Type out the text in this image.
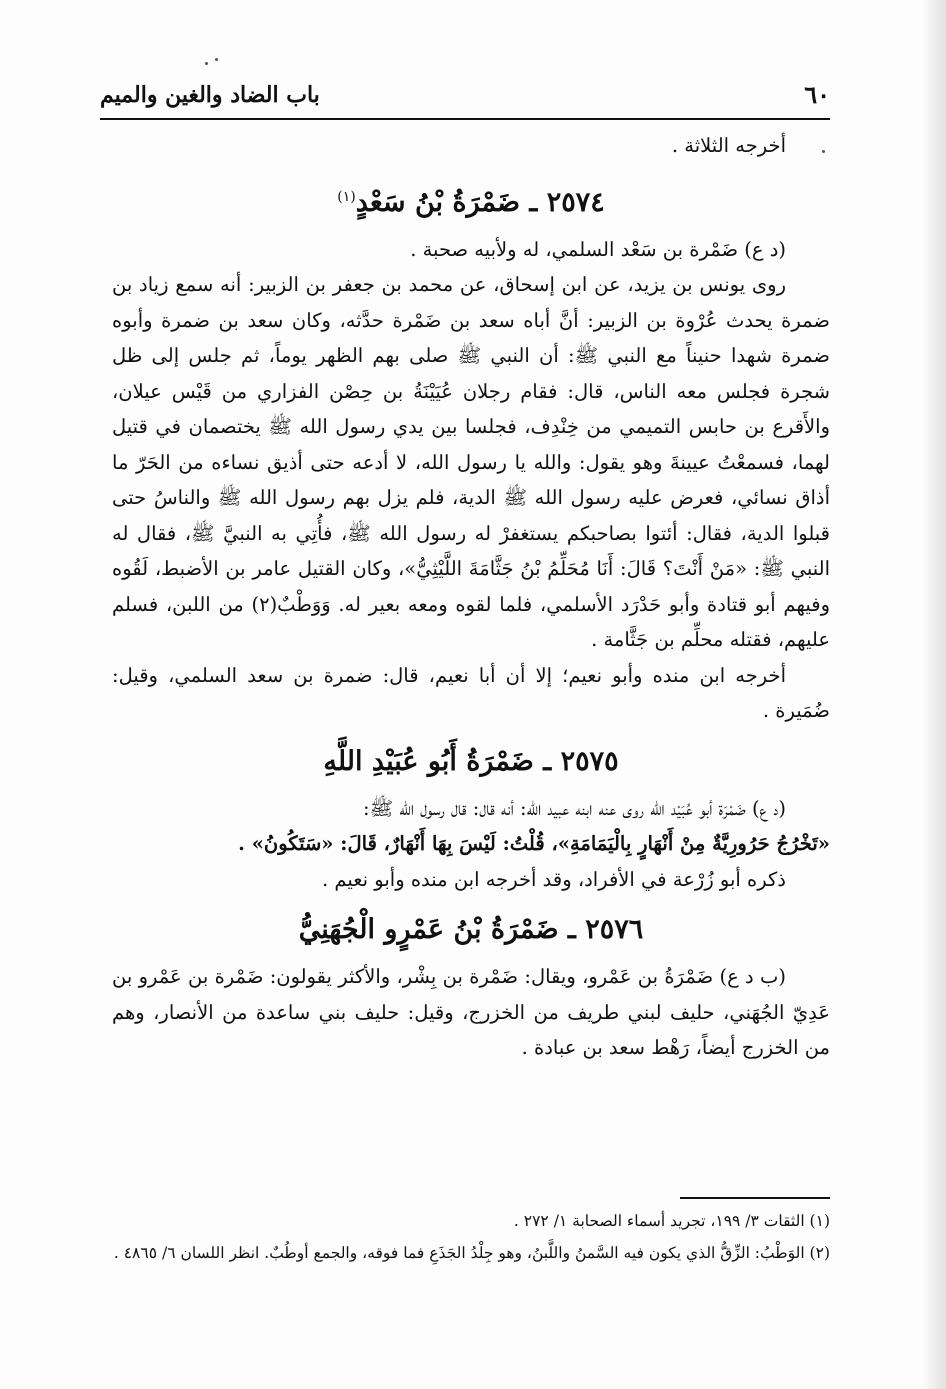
٦٠
باب الضاد والغين والميم

أخرجه الثلاثة .

٢٥٧٤ ـ ضَمْرَةُ بْنُ سَعْدٍ$^{(١)}$

(د ع) ضَمْرة بن سَعْد السلمي، له ولأبيه صحبة .

روى يونس بن يزيد، عن ابن إسحاق، عن محمد بن جعفر بن الزبير: أنه سمع زياد بن ضمرة يحدث عُرْوة بن الزبير: أنَّ أباه سعد بن ضَمْرة حدَّثه، وكان سعد بن ضمرة وأبوه ضمرة شهدا حنيناً مع النبي ﷺ: أن النبي ﷺ صلى بهم الظهر يوماً، ثم جلس إلى ظل شجرة فجلس معه الناس، قال: فقام رجلان عُيَيْنَةُ بن حِصْن الفزاري من قَيْس عيلان، والأَقرع بن حابس التميمي من خِنْدِف، فجلسا بين يدي رسول الله ﷺ يختصمان في قتيل لهما، فسمعْتُ عيينةَ وهو يقول: والله يا رسول الله، لا أدعه حتى أذيق نساءه من الحَرّ ما أذاق نسائي، فعرض عليه رسول الله ﷺ الدية، فلم يزل بهم رسول الله ﷺ والناسُ حتى قبلوا الدية، فقال: أئتوا بصاحبكم يستغفرْ له رسول الله ﷺ، فأُتِي به النبيَّ ﷺ، فقال له النبي ﷺ: «مَنْ أَنْتَ؟ قَالَ: أَنَا مُحَلِّمُ بْنُ جَثَّامَةَ اللَّيْثِيُّ»، وكان القتيل عامر بن الأضبط، لَقُوه وفيهم أبو قتادة وأبو حَدْرَد الأسلمي، فلما لقوه ومعه بعير له. وَوَطْبٌ(٢) من اللبن، فسلم عليهم، فقتله محلِّم بن جَثَّامة .

أخرجه ابن منده وأبو نعيم؛ إلا أن أبا نعيم، قال: ضمرة بن سعد السلمي، وقيل: ضُمَيرة .

٢٥٧٥ ـ ضَمْرَةُ أَبُو عُبَيْدِ اللَّهِ

(د ع) ضَمْرَة أبو عُبَيْد اللّه روى عنه ابنه عبيد اللّه: أنه قال: قال رسول الله ﷺ:

«تَخْرُجُ حَرُورِيَّةٌ مِنْ أَنْهَارٍ بِالْيَمَامَةِ»، قُلْتُ: لَيْسَ بِهَا أَنْهَارٌ، قَالَ: «سَتَكُونُ» .

ذكره أبو زُرْعة في الأفراد، وقد أخرجه ابن منده وأبو نعيم .

٢٥٧٦ ـ ضَمْرَةُ بْنُ عَمْرٍو الْجُهَنِيُّ

(ب د ع) ضَمْرَةُ بن عَمْرو، ويقال: ضَمْرة بن بِشْر، والأكثر يقولون: ضَمْرة بن عَمْرو بن عَدِيّ الجُهَني، حليف لبني طريف من الخزرج، وقيل: حليف بني ساعدة من الأنصار، وهم من الخزرج أيضاً، رَهْط سعد بن عبادة .

(١) الثقات ٣/ ١٩٩، تجريد أسماء الصحابة ١/ ٢٧٢ .

(٢) الوَطْبُ: الزِّقُّ الذي يكون فيه السَّمنُ واللَّبنُ، وهو جِلْدُ الجَذَعِ فما فوقه، والجمع أوطُبٌ. انظر اللسان ٦/ ٤٨٦٥ .
